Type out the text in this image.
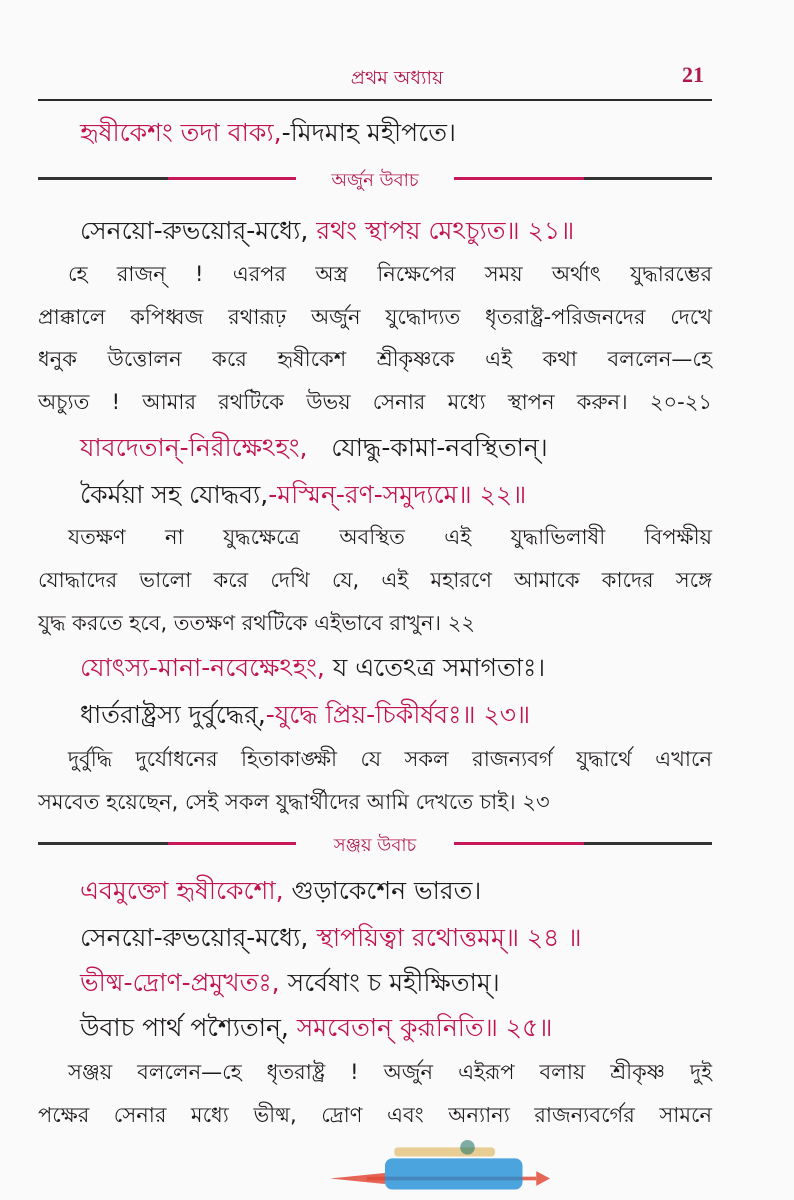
প্রথম অধ্যায়	21
হৃষীকেশং তদা বাক্য,-মিদমাহ মহীপতে।
অর্জুন উবাচ
সেনয়ো-রুভয়োর্-মধ্যে, রথং স্থাপয় মেঽচ্যুত॥ ২১॥
হে রাজন্ ! এরপর অস্ত্র নিক্ষেপের সময় অর্থাৎ যুদ্ধারম্ভের
প্রাক্কালে কপিধ্বজ রথারূঢ় অর্জুন যুদ্ধোদ্যত ধৃতরাষ্ট্র-পরিজনদের দেখে
ধনুক উত্তোলন করে হৃষীকেশ শ্রীকৃষ্ণকে এই কথা বললেন—হে
অচ্যুত ! আমার রথটিকে উভয় সেনার মধ্যে স্থাপন করুন। ২০-২১
যাবদেতান্-নিরীক্ষেঽহং, যোদ্ধু-কামা-নবস্থিতান্।
কৈর্ময়া সহ যোদ্ধব্য,-মস্মিন্-রণ-সমুদ্যমে॥ ২২॥
যতক্ষণ না যুদ্ধক্ষেত্রে অবস্থিত এই যুদ্ধাভিলাষী বিপক্ষীয়
যোদ্ধাদের ভালো করে দেখি যে, এই মহারণে আমাকে কাদের সঙ্গে
যুদ্ধ করতে হবে, ততক্ষণ রথটিকে এইভাবে রাখুন। ২২
যোৎস্য-মানা-নবেক্ষেঽহং, য এতেঽত্র সমাগতাঃ।
ধার্তরাষ্ট্রস্য দুর্বুদ্ধের্,-যুদ্ধে প্রিয়-চিকীর্ষবঃ॥ ২৩॥
দুর্বুদ্ধি দুর্যোধনের হিতাকাঙ্ক্ষী যে সকল রাজন্যবর্গ যুদ্ধার্থে এখানে
সমবেত হয়েছেন, সেই সকল যুদ্ধার্থীদের আমি দেখতে চাই। ২৩
সঞ্জয় উবাচ
এবমুক্তো হৃষীকেশো, গুড়াকেশেন ভারত।
সেনয়ো-রুভয়োর্-মধ্যে, স্থাপয়িত্বা রথোত্তমম্॥ ২৪ ॥
ভীষ্ম-দ্রোণ-প্রমুখতঃ, সর্বেষাং চ মহীক্ষিতাম্।
উবাচ পার্থ পশ্যৈতান্, সমবেতান্ কুরূনিতি॥ ২৫॥
সঞ্জয় বললেন—হে ধৃতরাষ্ট্র ! অর্জুন এইরূপ বলায় শ্রীকৃষ্ণ দুই
পক্ষের সেনার মধ্যে ভীষ্ম, দ্রোণ এবং অন্যান্য রাজন্যবর্গের সামনে
